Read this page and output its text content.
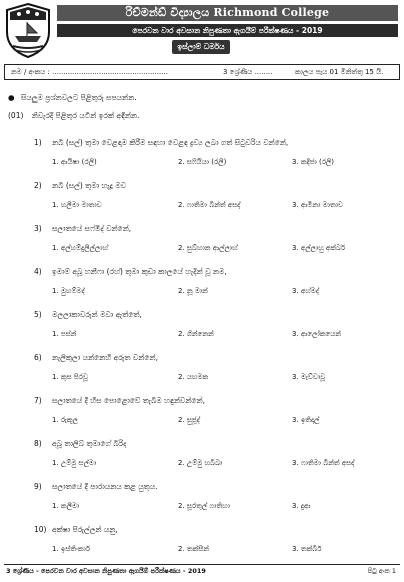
රිච්මන්ඩ් විද්‍යාලය Richmond College
පෙරවන වාර අවසාන නිපුණතා ඇගයීම් පරීක්ෂණය - 2019
ඉස්ලාම් ධර්මය
නම / අංකය : ....................................................	3 ශ්‍රේණිය ........	කාලය පැය 01 මිනිත්තු 15 යි.
● සියලුම ප්‍රශ්නවලට පිළිතුරු සපයන්න.
(01) නිවැරදි පිළිතුර යටින් ඉරක් අඳින්න.
1) නබි (සල්) තුමා වෙළඳාම කිරීම සඳහා වෙළඳ ද්‍රව්‍ය ලබා ගත් සිටුවරිය වන්නේ,
1. ආයිෂා (රලි)	2. සෆියියා (රලි)	3. කදීජා (රලි)
2) නබි (සල්) තුමා හැදූ මව
1. හලීමා මාතාව	2. ෆාතිමා බින්ත් අසද්	3. ආමිනා මාතාව
3) සලාතයේ සෆ්මිද් වන්නේ,
1. අල්හම්දුලිල්ලාහ්	2. සුබ්හාන ආල්ලාහ්	3. අල්ලාහු අක්බර්
4) ඉමාම් අබූ හනීෆා (රහ්) තුමා කුඩා කාලයේ හැදින් වූ නම,
1. මුහම්මද්	2. නූ මාන්	3. අහ්මද්
5) මලලාකාවරුන් මවා ඇත්තේ,
1. පස්න්	2. ගින්නෙන්	3. ආලෝකයෙන්
6) නැලිකුලා යන්නෙහි අරුත වන්නේ,
1. කුස පිරවූ	2. යහමක	3. මැව්වාවූ
7) සලාතයේ දී හිස පොළොවේ තැබීම හඳුන්වන්නේ,
1. රුකූල	2. සුජූද්	3. ඉතිදාල්
8) අබූ තාලිබ් තුමාගේ බිරිද
1. උම්මු සල්මා	2. උම්මු හබීබා	3. ෆාතිමා බින්ත් අසද්
9) සලාතයේ දී පාරායනය කළ යුතුය.
1. කලීමා	2. සූරතුල් ෆාතිහා	3. දුආ
10) අක්ෂා පිරුල්ලන් යනු,
1. ඉස්තිංකාර්	2. තක්සීන්	3. තක්බීර්
3 ශ්‍රේණිය - පෙරවන වාර අවසාන නිපුණතා ඇගයීම් පරීක්ෂණය - 2019	පිටු අංක 1
